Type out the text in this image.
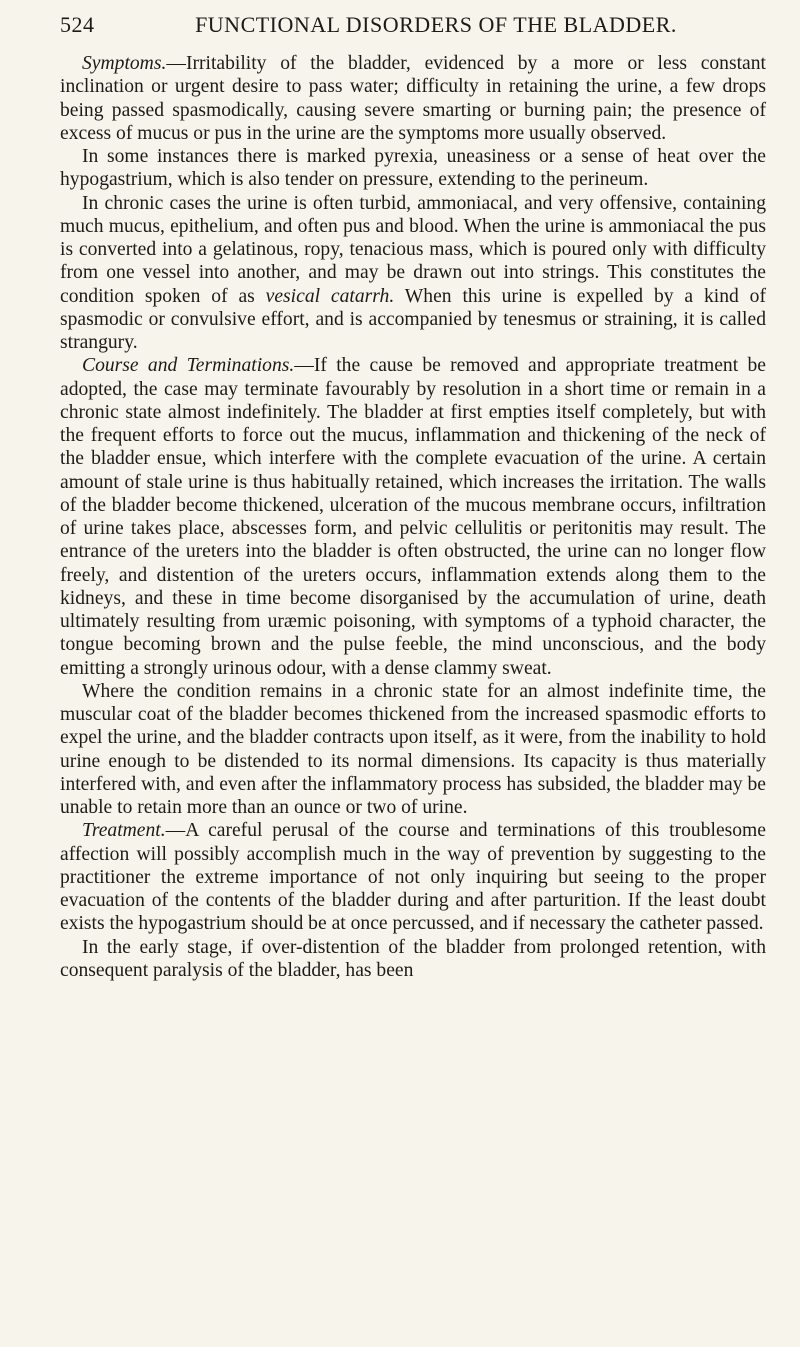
524	FUNCTIONAL DISORDERS OF THE BLADDER.

Symptoms.—Irritability of the bladder, evidenced by a more or less constant inclination or urgent desire to pass water; difficulty in retaining the urine, a few drops being passed spasmodically, causing severe smarting or burning pain; the presence of excess of mucus or pus in the urine are the symptoms more usually observed.

In some instances there is marked pyrexia, uneasiness or a sense of heat over the hypogastrium, which is also tender on pressure, extending to the perineum.

In chronic cases the urine is often turbid, ammoniacal, and very offensive, containing much mucus, epithelium, and often pus and blood. When the urine is ammoniacal the pus is converted into a gelatinous, ropy, tenacious mass, which is poured only with difficulty from one vessel into another, and may be drawn out into strings. This constitutes the condition spoken of as vesical catarrh. When this urine is expelled by a kind of spasmodic or convulsive effort, and is accompanied by tenesmus or straining, it is called strangury.

Course and Terminations.—If the cause be removed and appropriate treatment be adopted, the case may terminate favourably by resolution in a short time or remain in a chronic state almost indefinitely. The bladder at first empties itself completely, but with the frequent efforts to force out the mucus, inflammation and thickening of the neck of the bladder ensue, which interfere with the complete evacuation of the urine. A certain amount of stale urine is thus habitually retained, which increases the irritation. The walls of the bladder become thickened, ulceration of the mucous membrane occurs, infiltration of urine takes place, abscesses form, and pelvic cellulitis or peritonitis may result. The entrance of the ureters into the bladder is often obstructed, the urine can no longer flow freely, and distention of the ureters occurs, inflammation extends along them to the kidneys, and these in time become disorganised by the accumulation of urine, death ultimately resulting from uræmic poisoning, with symptoms of a typhoid character, the tongue becoming brown and the pulse feeble, the mind unconscious, and the body emitting a strongly urinous odour, with a dense clammy sweat.

Where the condition remains in a chronic state for an almost indefinite time, the muscular coat of the bladder becomes thickened from the increased spasmodic efforts to expel the urine, and the bladder contracts upon itself, as it were, from the inability to hold urine enough to be distended to its normal dimensions. Its capacity is thus materially interfered with, and even after the inflammatory process has subsided, the bladder may be unable to retain more than an ounce or two of urine.

Treatment.—A careful perusal of the course and terminations of this troublesome affection will possibly accomplish much in the way of prevention by suggesting to the practitioner the extreme importance of not only inquiring but seeing to the proper evacuation of the contents of the bladder during and after parturition. If the least doubt exists the hypogastrium should be at once percussed, and if necessary the catheter passed.

In the early stage, if over-distention of the bladder from prolonged retention, with consequent paralysis of the bladder, has been
